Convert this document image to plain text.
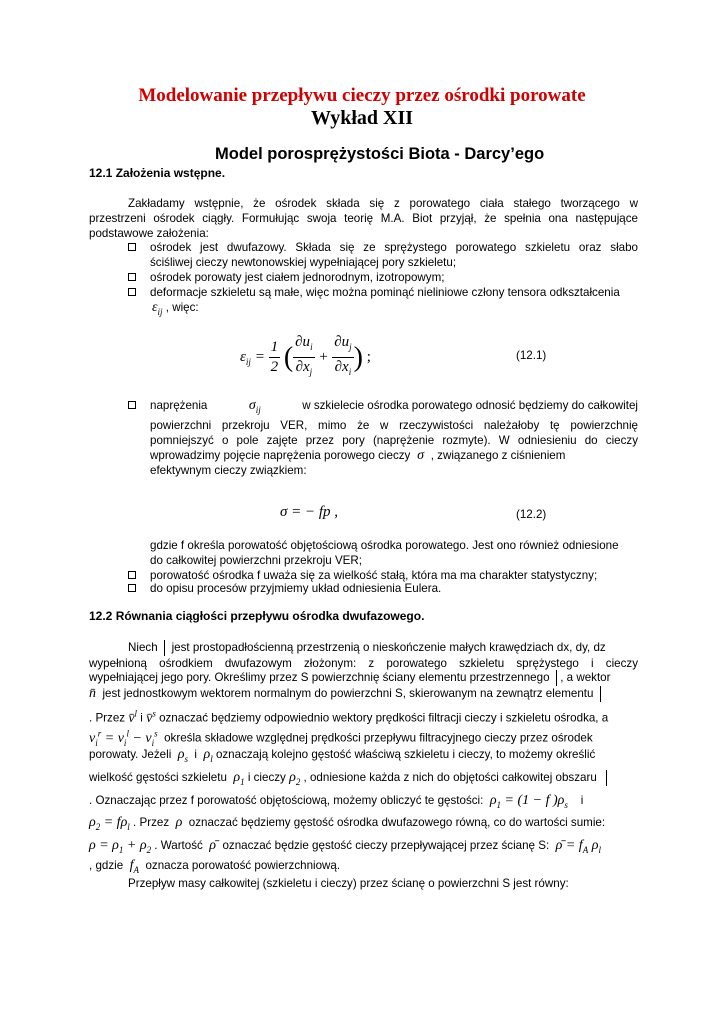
Modelowanie przepływu cieczy przez ośrodki porowate
Wykład XII
Model porosprężystości Biota - Darcy’ego
12.1 Założenia wstępne.
Zakładamy wstępnie, że ośrodek składa się z porowatego ciała stałego tworzącego w
przestrzeni ośrodek ciągły. Formułując swoja teorię M.A. Biot przyjął, że spełnia ona następujące
podstawowe założenia:
ośrodek jest dwufazowy. Składa się ze sprężystego porowatego szkieletu oraz słabo
ściśliwej cieczy newtonowskiej wypełniającej pory szkieletu;
ośrodek porowaty jest ciałem jednorodnym, izotropowym;
deformacje szkieletu są małe, więc można pominąć nieliniowe człony tensora odkształcenia
$\varepsilon_{ij}$ , więc:
$\varepsilon_{ij} = \frac{1}{2}$ ( $\frac{\partial u_i}{\partial x_j} + \frac{\partial u_j}{\partial x_i}$ ) ;	(12.1)
naprężenia	$\sigma_{ij}$	w szkielecie ośrodka porowatego odnosić będziemy do całkowitej
powierzchni przekroju VER, mimo że w rzeczywistości należałoby tę powierzchnię
pomniejszyć o pole zajęte przez pory (naprężenie rozmyte). W odniesieniu do cieczy
wprowadzimy pojęcie naprężenia porowego cieczy  σ  , związanego z ciśnieniem
efektywnym cieczy związkiem:
σ = − fp ,	(12.2)
gdzie f określa porowatość objętościową ośrodka porowatego. Jest ono również odniesione
do całkowitej powierzchni przekroju VER;
porowatość ośrodka f uważa się za wielkość stałą, która ma ma charakter statystyczny;
do opisu procesów przyjmiemy układ odniesienia Eulera.
12.2 Równania ciągłości przepływu ośrodka dwufazowego.
Niech jest prostopadłościenną przestrzenią o nieskończenie małych krawędziach dx, dy, dz
wypełnioną ośrodkiem dwufazowym złożonym: z porowatego szkieletu sprężystego i cieczy
wypełniającej jego pory. Określimy przez S powierzchnię ściany elementu przestrzennego , a wektor
n̄ jest jednostkowym wektorem normalnym do powierzchni S, skierowanym na zewnątrz elementu
. Przez v̄$^l$ i v̄$^s$ oznaczać będziemy odpowiednio wektory prędkości filtracji cieczy i szkieletu ośrodka, a
$v_i^r = v_i^l - v_i^s$ określa składowe względnej prędkości przepływu filtracyjnego cieczy przez ośrodek
porowaty. Jeżeli $\rho_s$ i $\rho_l$ oznaczają kolejno gęstość właściwą szkieletu i cieczy, to możemy określić
wielkość gęstości szkieletu $\rho_1$ i cieczy $\rho_2$ , odniesione każda z nich do objętości całkowitej obszaru
. Oznaczając przez f porowatość objętościową, możemy obliczyć te gęstości: $\rho_1 = (1 - f$ )$\rho_s$ i
$\rho_2 = f\rho_l$ . Przez ρ oznaczać będziemy gęstość ośrodka dwufazowego równą, co do wartości sumie:
$\rho = \rho_1 + \rho_2$ . Wartość ρ̄ oznaczać będzie gęstość cieczy przepływającej przez ścianę S: ρ̄ = $f_A$ $\rho_l$
, gdzie $f_A$ oznacza porowatość powierzchniową.
Przepływ masy całkowitej (szkieletu i cieczy) przez ścianę o powierzchni S jest równy:
